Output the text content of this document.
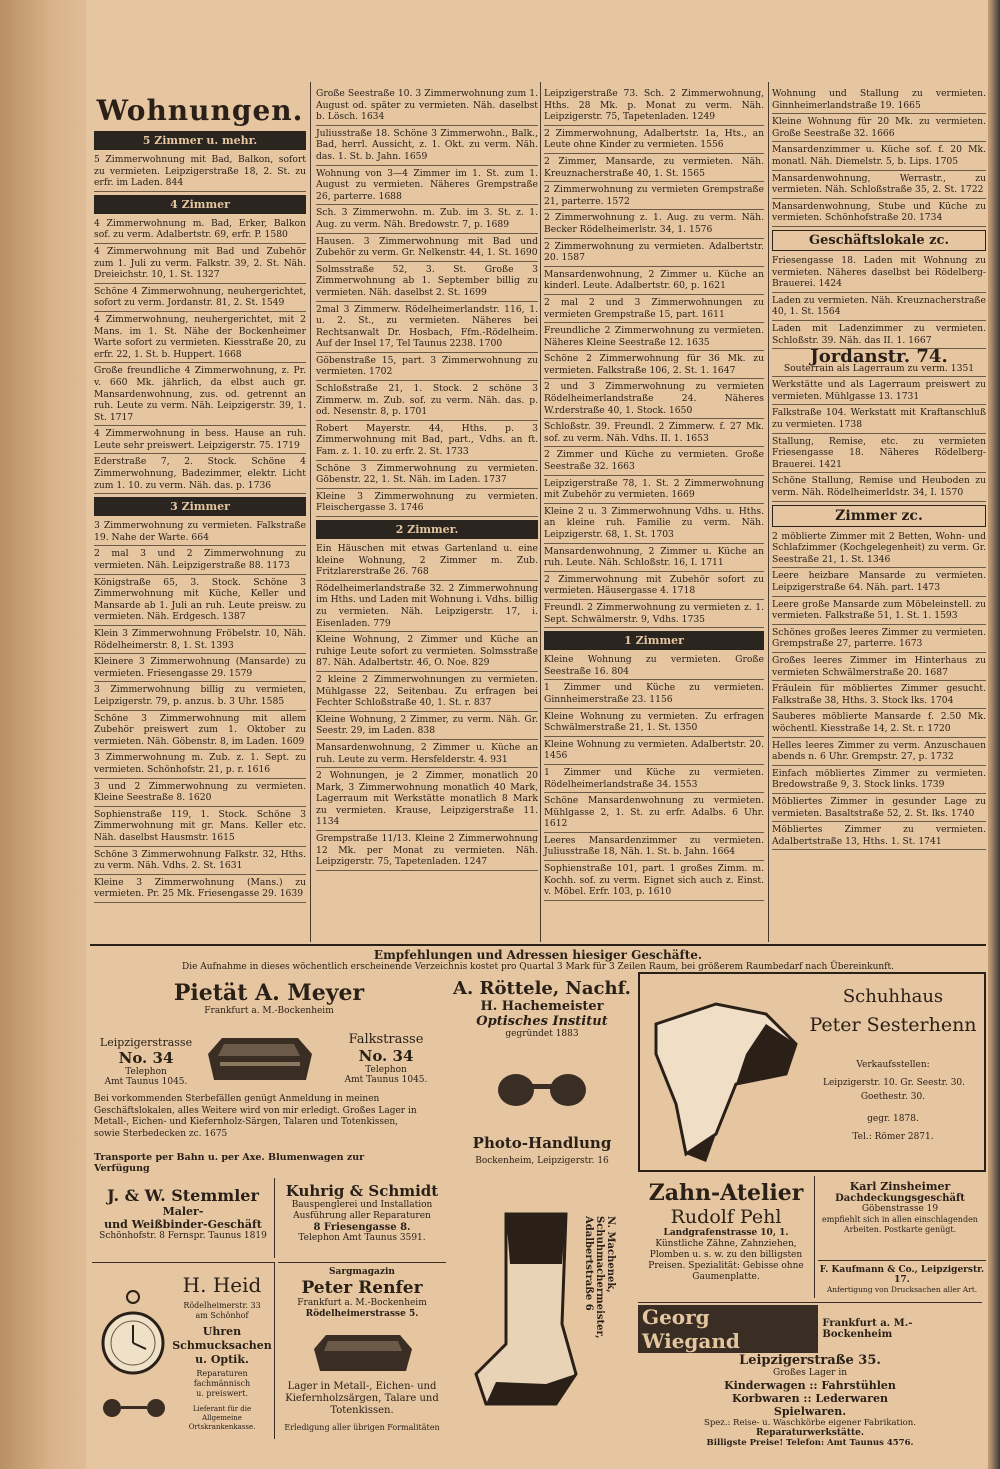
Wohnungen.
5 Zimmer u. mehr.
5 Zimmerwohnung mit Bad, Balkon, sofort zu vermieten. Leipzigerstraße 18, 2. St. zu erfr. im Laden. 844
4 Zimmer
4 Zimmerwohnung m. Bad, Erker, Balkon sof. zu verm. Adalbertstr. 69, erfr. P. 1580
4 Zimmerwohnung mit Bad und Zubehör zum 1. Juli zu verm. Falkstr. 39, 2. St. Näh. Dreieichstr. 10, 1. St. 1327
Schöne 4 Zimmerwohnung, neuhergerichtet, sofort zu verm. Jordanstr. 81, 2. St. 1549
4 Zimmerwohnung, neuhergerichtet, mit 2 Mans. im 1. St. Nähe der Bockenheimer Warte sofort zu vermieten. Kiesstraße 20, zu erfr. 22, 1. St. b. Huppert. 1668
Große freundliche 4 Zimmerwohnung, z. Pr. v. 660 Mk. jährlich, da elbst auch gr. Mansardenwohnung, zus. od. getrennt an ruh. Leute zu verm. Näh. Leipzigerstr. 39, 1. St. 1717
4 Zimmerwohnung in bess. Hause an ruh. Leute sehr preiswert. Leipzigerstr. 75. 1719
Ederstraße 7, 2. Stock. Schöne 4 Zimmerwohnung, Badezimmer, elektr. Licht zum 1. 10. zu verm. Näh. das. p. 1736
3 Zimmer
3 Zimmerwohnung zu vermieten. Falkstraße 19. Nahe der Warte. 664
2 mal 3 und 2 Zimmerwohnung zu vermieten. Näh. Leipzigerstraße 88. 1173
Königstraße 65, 3. Stock. Schöne 3 Zimmerwohnung mit Küche, Keller und Mansarde ab 1. Juli an ruh. Leute preisw. zu vermieten. Näh. Erdgesch. 1387
Klein 3 Zimmerwohnung Fröbelstr. 10, Näh. Rödelheimerstr. 8, 1. St. 1393
Kleinere 3 Zimmerwohnung (Mansarde) zu vermieten. Friesengasse 29. 1579
3 Zimmerwohnung billig zu vermieten, Leipzigerstr. 79, p. anzus. b. 3 Uhr. 1585
Schöne 3 Zimmerwohnung mit allem Zubehör preiswert zum 1. Oktober zu vermieten. Näh. Göbenstr. 8, im Laden. 1609
3 Zimmerwohnung m. Zub. z. 1. Sept. zu vermieten. Schönhofstr. 21, p. r. 1616
3 und 2 Zimmerwohnung zu vermieten. Kleine Seestraße 8. 1620
Sophienstraße 119, 1. Stock. Schöne 3 Zimmerwohnung mit gr. Mans. Keller etc. Näh. daselbst Hausmstr. 1615
Schöne 3 Zimmerwohnung Falkstr. 32, Hths. zu verm. Näh. Vdhs. 2. St. 1631
Kleine 3 Zimmerwohnung (Mans.) zu vermieten. Pr. 25 Mk. Friesengasse 29. 1639
Große Seestraße 10. 3 Zimmerwohnung zum 1. August od. später zu vermieten. Näh. daselbst b. Lösch. 1634
Juliusstraße 18. Schöne 3 Zimmerwohn., Balk., Bad, herrl. Aussicht, z. 1. Okt. zu verm. Näh. das. 1. St. b. Jahn. 1659
Wohnung von 3—4 Zimmer im 1. St. zum 1. August zu vermieten. Näheres Grempstraße 26, parterre. 1688
Sch. 3 Zimmerwohn. m. Zub. im 3. St. z. 1. Aug. zu verm. Näh. Bredowstr. 7, p. 1689
Hausen. 3 Zimmerwohnung mit Bad und Zubehör zu verm. Gr. Nelkenstr. 44, 1. St. 1690
Solmsstraße 52, 3. St. Große 3 Zimmerwohnung ab 1. September billig zu vermieten. Näh. daselbst 2. St. 1699
2mal 3 Zimmerw. Rödelheimerlandstr. 116, 1. u. 2. St., zu vermieten. Näheres bei Rechtsanwalt Dr. Hosbach, Ffm.-Rödelheim. Auf der Insel 17, Tel Taunus 2238. 1700
Göbenstraße 15, part. 3 Zimmerwohnung zu vermieten. 1702
Schloßstraße 21, 1. Stock. 2 schöne 3 Zimmerw. m. Zub. sof. zu verm. Näh. das. p. od. Nesenstr. 8, p. 1701
Robert Mayerstr. 44, Hths. p. 3 Zimmerwohnung mit Bad, part., Vdhs. an ft. Fam. z. 1. 10. zu erfr. 2. St. 1733
Schöne 3 Zimmerwohnung zu vermieten. Göbenstr. 22, 1. St. Näh. im Laden. 1737
Kleine 3 Zimmerwohnung zu vermieten. Fleischergasse 3. 1746
2 Zimmer.
Ein Häuschen mit etwas Gartenland u. eine kleine Wohnung, 2 Zimmer m. Zub. Fritzlarerstraße 26. 768
Rödelheimerlandstraße 32. 2 Zimmerwohnung im Hths. und Laden mit Wohnung i. Vdhs. billig zu vermieten. Näh. Leipzigerstr. 17, i. Eisenladen. 779
Kleine Wohnung, 2 Zimmer und Küche an ruhige Leute sofort zu vermieten. Solmsstraße 87. Näh. Adalbertstr. 46, O. Noe. 829
2 kleine 2 Zimmerwohnungen zu vermieten. Mühlgasse 22, Seitenbau. Zu erfragen bei Fechter Schloßstraße 40, 1. St. r. 837
Kleine Wohnung, 2 Zimmer, zu verm. Näh. Gr. Seestr. 29, im Laden. 838
Mansardenwohnung, 2 Zimmer u. Küche an ruh. Leute zu verm. Hersfelderstr. 4. 931
2 Wohnungen, je 2 Zimmer, monatlich 20 Mark, 3 Zimmerwohnung monatlich 40 Mark, Lagerraum mit Werkstätte monatlich 8 Mark zu vermieten. Krause, Leipzigerstraße 11. 1134
Grempstraße 11/13. Kleine 2 Zimmerwohnung 12 Mk. per Monat zu vermieten. Näh. Leipzigerstr. 75, Tapetenladen. 1247
Leipzigerstraße 73. Sch. 2 Zimmerwohnung, Hths. 28 Mk. p. Monat zu verm. Näh. Leipzigerstr. 75, Tapetenladen. 1249
2 Zimmerwohnung, Adalbertstr. 1a, Hts., an Leute ohne Kinder zu vermieten. 1556
2 Zimmer, Mansarde, zu vermieten. Näh. Kreuznacherstraße 40, 1. St. 1565
2 Zimmerwohnung zu vermieten Grempstraße 21, parterre. 1572
2 Zimmerwohnung z. 1. Aug. zu verm. Näh. Becker Rödelheimerlstr. 34, 1. 1576
2 Zimmerwohnung zu vermieten. Adalbertstr. 20. 1587
Mansardenwohnung, 2 Zimmer u. Küche an kinderl. Leute. Adalbertstr. 60, p. 1621
2 mal 2 und 3 Zimmerwohnungen zu vermieten Grempstraße 15, part. 1611
Freundliche 2 Zimmerwohnung zu vermieten. Näheres Kleine Seestraße 12. 1635
Schöne 2 Zimmerwohnung für 36 Mk. zu vermieten. Falkstraße 106, 2. St. 1. 1647
2 und 3 Zimmerwohnung zu vermieten Rödelheimerlandstraße 24. Näheres W.rderstraße 40, 1. Stock. 1650
Schloßstr. 39. Freundl. 2 Zimmerw. f. 27 Mk. sof. zu verm. Näh. Vdhs. II. 1. 1653
2 Zimmer und Küche zu vermieten. Große Seestraße 32. 1663
Leipzigerstraße 78, 1. St. 2 Zimmerwohnung mit Zubehör zu vermieten. 1669
Kleine 2 u. 3 Zimmerwohnung Vdhs. u. Hths. an kleine ruh. Familie zu verm. Näh. Leipzigerstr. 68, 1. St. 1703
Mansardenwohnung, 2 Zimmer u. Küche an ruh. Leute. Näh. Schloßstr. 16, I. 1711
2 Zimmerwohnung mit Zubehör sofort zu vermieten. Häusergasse 4. 1718
Freundl. 2 Zimmerwohnung zu vermieten z. 1. Sept. Schwälmerstr. 9, Vdhs. 1735
1 Zimmer
Kleine Wohnung zu vermieten. Große Seestraße 16. 804
1 Zimmer und Küche zu vermieten. Ginnheimerstraße 23. 1156
Kleine Wohnung zu vermieten. Zu erfragen Schwälmerstraße 21, 1. St. 1350
Kleine Wohnung zu vermieten. Adalbertstr. 20. 1456
1 Zimmer und Küche zu vermieten. Rödelheimerlandstraße 34. 1553
Schöne Mansardenwohnung zu vermieten. Mühlgasse 2, 1. St. zu erfr. Adalbs. 6 Uhr. 1612
Leeres Mansardenzimmer zu vermieten. Juliusstraße 18, Näh. 1. St. b. Jahn. 1664
Sophienstraße 101, part. 1 großes Zimm. m. Kochh. sof. zu verm. Eignet sich auch z. Einst. v. Möbel. Erfr. 103, p. 1610
Wohnung und Stallung zu vermieten. Ginnheimerlandstraße 19. 1665
Kleine Wohnung für 20 Mk. zu vermieten. Große Seestraße 32. 1666
Mansardenzimmer u. Küche sof. f. 20 Mk. monatl. Näh. Diemelstr. 5, b. Lips. 1705
Mansardenwohnung, Werrastr., zu vermieten. Näh. Schloßstraße 35, 2. St. 1722
Mansardenwohnung, Stube und Küche zu vermieten. Schönhofstraße 20. 1734
Geschäftslokale zc.
Friesengasse 18. Laden mit Wohnung zu vermieten. Näheres daselbst bei Rödelberg-Brauerei. 1424
Laden zu vermieten. Näh. Kreuznacherstraße 40, 1. St. 1564
Laden mit Ladenzimmer zu vermieten. Schloßstr. 39. Näh. das II. 1. 1667
Jordanstr. 74.
Souterrain als Lagerraum zu verm. 1351
Werkstätte und als Lagerraum preiswert zu vermieten. Mühlgasse 13. 1731
Falkstraße 104. Werkstatt mit Kraftanschluß zu vermieten. 1738
Stallung, Remise, etc. zu vermieten Friesengasse 18. Näheres Rödelberg-Brauerei. 1421
Schöne Stallung, Remise und Heuboden zu verm. Näh. Rödelheimerldstr. 34, I. 1570
Zimmer zc.
2 möblierte Zimmer mit 2 Betten, Wohn- und Schlafzimmer (Kochgelegenheit) zu verm. Gr. Seestraße 21, 1. St. 1346
Leere heizbare Mansarde zu vermieten. Leipzigerstraße 64. Näh. part. 1473
Leere große Mansarde zum Möbeleinstell. zu vermieten. Falkstraße 51, 1. St. 1. 1593
Schönes großes leeres Zimmer zu vermieten. Grempstraße 27, parterre. 1673
Großes leeres Zimmer im Hinterhaus zu vermieten Schwälmerstraße 20. 1687
Fräulein für möbliertes Zimmer gesucht. Falkstraße 38, Hths. 3. Stock lks. 1704
Sauberes möblierte Mansarde f. 2.50 Mk. wöchentl. Kiesstraße 14, 2. St. r. 1720
Helles leeres Zimmer zu verm. Anzuschauen abends n. 6 Uhr. Grempstr. 27, p. 1732
Einfach möbliertes Zimmer zu vermieten. Bredowstraße 9, 3. Stock links. 1739
Möbliertes Zimmer in gesunder Lage zu vermieten. Basaltstraße 52, 2. St. lks. 1740
Möbliertes Zimmer zu vermieten. Adalbertstraße 13, Hths. 1. St. 1741
Empfehlungen und Adressen hiesiger Geschäfte.
Die Aufnahme in dieses wöchentlich erscheinende Verzeichnis kostet pro Quartal 3 Mark für 3 Zeilen Raum, bei größerem Raumbedarf nach Übereinkunft.
Pietät A. Meyer
Frankfurt a. M.-Bockenheim
Leipzigerstrasse
No. 34
Telephon
Amt Taunus 1045.
Falkstrasse
No. 34
Telephon
Amt Taunus 1045.
Bei vorkommenden Sterbefällen genügt Anmeldung in meinen Geschäftslokalen, alles Weitere wird von mir erledigt. Großes Lager in Metall-, Eichen- und Kiefernholz-Särgen, Talaren und Totenkissen, sowie Sterbedecken zc. 1675
Transporte per Bahn u. per Axe. Blumenwagen zur Verfügung
A. Röttele, Nachf.
H. Hachemeister
Optisches Institut
gegründet 1883
Photo-Handlung
Bockenheim, Leipzigerstr. 16
Schuhhaus
Peter Sesterhenn
Verkaufsstellen:
Leipzigerstr. 10. Gr. Seestr. 30.
Goethestr. 30.
gegr. 1878.
Tel.: Römer 2871.
J. & W. Stemmler
Maler-
und Weißbinder-Geschäft
Schönhofstr. 8 Fernspr. Taunus 1819
Kuhrig & Schmidt
Bauspenglerei und Installation
Ausführung aller Reparaturen
8 Friesengasse 8.
Telephon Amt Taunus 3591.	N. Machenek, Schuhmachermeister, Adalbertstraße 6
Zahn-Atelier
Rudolf Pehl
Landgrafenstrasse 10, 1.
Künstliche Zähne, Zahnziehen, Plomben u. s. w. zu den billigsten Preisen. Spezialität: Gebisse ohne Gaumenplatte.
Karl Zinsheimer
Dachdeckungsgeschäft
Göbenstrasse 19
empfiehlt sich in allen einschlagenden Arbeiten. Postkarte genügt.
F. Kaufmann & Co., Leipzigerstr. 17.
Anfertigung von Drucksachen aller Art.
H. Heid
Rödelheimerstr. 33
am Schönhof
Uhren
Schmucksachen
u. Optik.
Reparaturen
fachmännisch
u. preiswert.
Lieferant für die Allgemeine Ortskrankenkasse.
Sargmagazin
Peter Renfer
Frankfurt a. M.-Bockenheim
Rödelheimerstrasse 5.
Lager in Metall-, Eichen- und Kiefernholzsärgen, Talare und Totenkissen.
Erledigung aller übrigen Formalitäten
Georg Wiegand
Frankfurt a. M.-Bockenheim
Leipzigerstraße 35.
Großes Lager in
Kinderwagen :: Fahrstühlen
Korbwaren :: Lederwaren
Spielwaren.
Spez.: Reise- u. Waschkörbe eigener Fabrikation.
Reparaturwerkstätte.
Billigste Preise! Telefon: Amt Taunus 4576.
